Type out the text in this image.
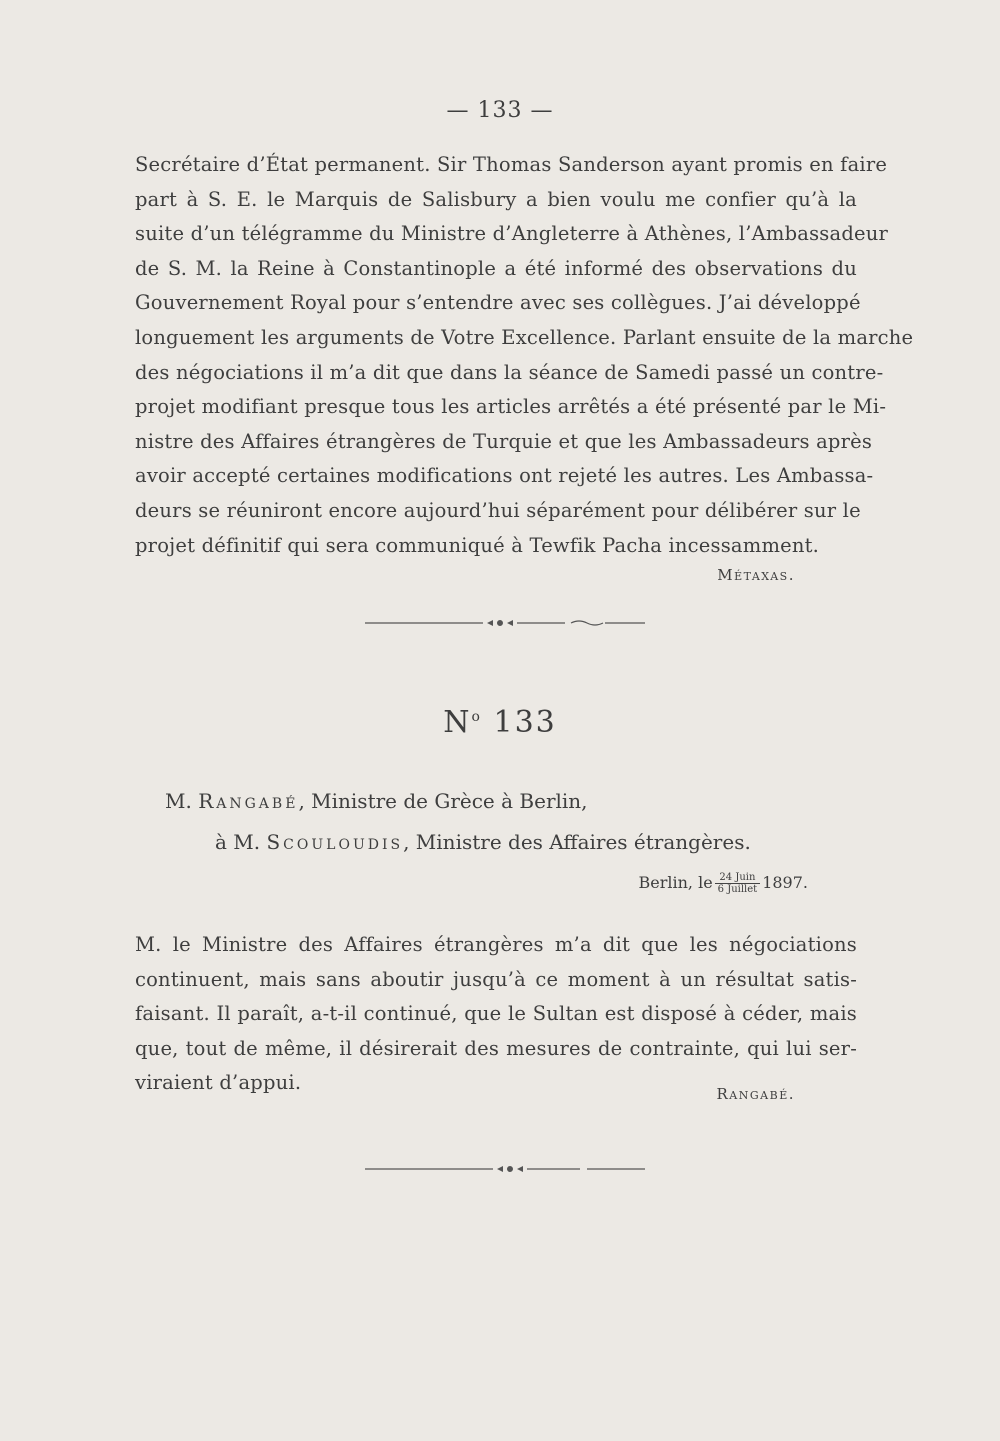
— 133 —
Secrétaire d’État permanent. Sir Thomas Sanderson ayant promis en faire
part à S. E. le Marquis de Salisbury a bien voulu me confier qu’à la
suite d’un télégramme du Ministre d’Angleterre à Athènes, l’Ambassadeur
de S. M. la Reine à Constantinople a été informé des observations du
Gouvernement Royal pour s’entendre avec ses collègues. J’ai développé
longuement les arguments de Votre Excellence. Parlant ensuite de la marche
des négociations il m’a dit que dans la séance de Samedi passé un contre-
projet modifiant presque tous les articles arrêtés a été présenté par le Mi-
nistre des Affaires étrangères de Turquie et que les Ambassadeurs après
avoir accepté certaines modifications ont rejeté les autres. Les Ambassa-
deurs se réuniront encore aujourd’hui séparément pour délibérer sur le
projet définitif qui sera communiqué à Tewfik Pacha incessamment.
Métaxas.
$N^o$ 133
M. Rangabé, Ministre de Grèce à Berlin,
à M. Scouloudis, Ministre des Affaires étrangères.
Berlin, le $\frac{\text{24 Juin}}{\text{6 Juillet}} 1897$.
M. le Ministre des Affaires étrangères m’a dit que les négociations
continuent, mais sans aboutir jusqu’à ce moment à un résultat satis-
faisant. Il paraît, a-t-il continué, que le Sultan est disposé à céder, mais
que, tout de même, il désirerait des mesures de contrainte, qui lui ser-
viraient d’appui.	Rangabé.
